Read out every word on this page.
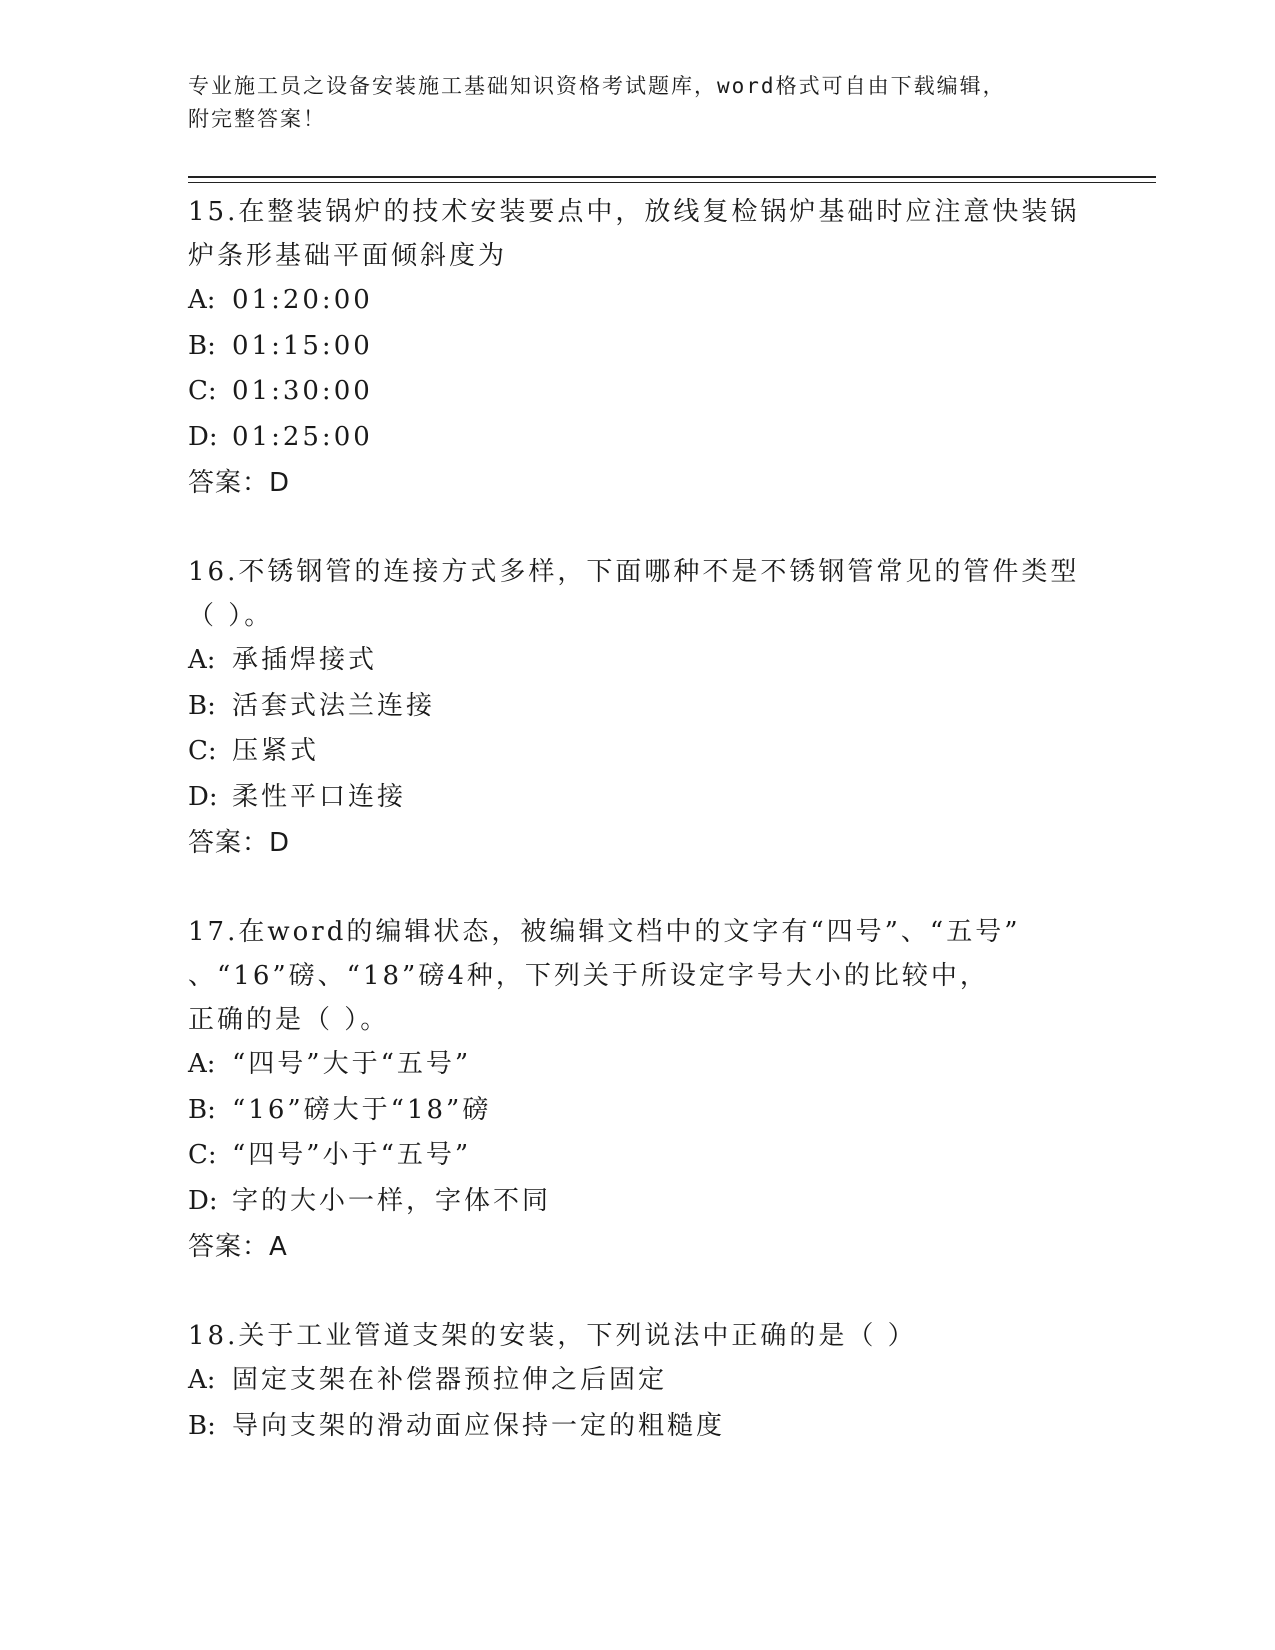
专业施工员之设备安装施工基础知识资格考试题库，word格式可自由下载编辑，
附完整答案！

15.在整装锅炉的技术安装要点中，放线复检锅炉基础时应注意快装锅

炉条形基础平面倾斜度为

A: 01:20:00

B: 01:15:00

C: 01:30:00

D: 01:25:00

答案：D

16.不锈钢管的连接方式多样，下面哪种不是不锈钢管常见的管件类型

（ ）。

A: 承插焊接式

B: 活套式法兰连接

C: 压紧式

D: 柔性平口连接

答案：D

17.在word的编辑状态，被编辑文档中的文字有“四号”、“五号”

、“16”磅、“18”磅4种，下列关于所设定字号大小的比较中，

正确的是（ ）。

A: “四号”大于“五号”

B: “16”磅大于“18”磅

C: “四号”小于“五号”

D: 字的大小一样，字体不同

答案：A

18.关于工业管道支架的安装，下列说法中正确的是（ ）

A: 固定支架在补偿器预拉伸之后固定

B: 导向支架的滑动面应保持一定的粗糙度
